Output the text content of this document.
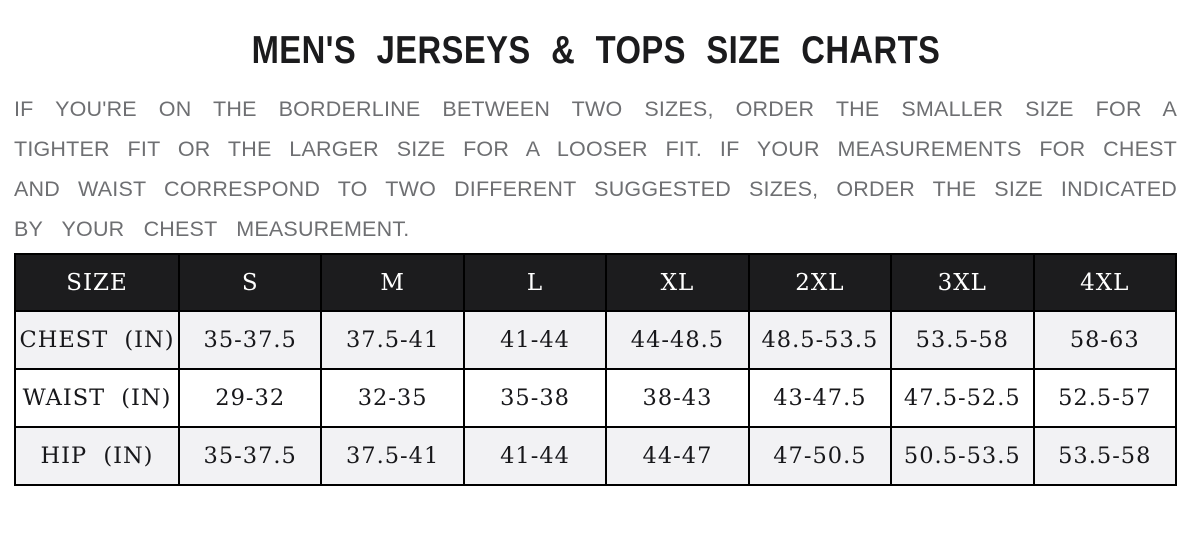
MEN'S JERSEYS & TOPS SIZE CHARTS
IF YOU'RE ON THE BORDERLINE BETWEEN TWO SIZES, ORDER THE SMALLER SIZE FOR A
TIGHTER FIT OR THE LARGER SIZE FOR A LOOSER FIT. IF YOUR MEASUREMENTS FOR CHEST
AND WAIST CORRESPOND TO TWO DIFFERENT SUGGESTED SIZES, ORDER THE SIZE INDICATED
BY YOUR CHEST MEASUREMENT.
SIZE	S	M	L	XL	2XL	3XL	4XL
CHEST (IN)	35-37.5	37.5-41	41-44	44-48.5	48.5-53.5	53.5-58	58-63
WAIST (IN)	29-32	32-35	35-38	38-43	43-47.5	47.5-52.5	52.5-57
HIP (IN)	35-37.5	37.5-41	41-44	44-47	47-50.5	50.5-53.5	53.5-58
